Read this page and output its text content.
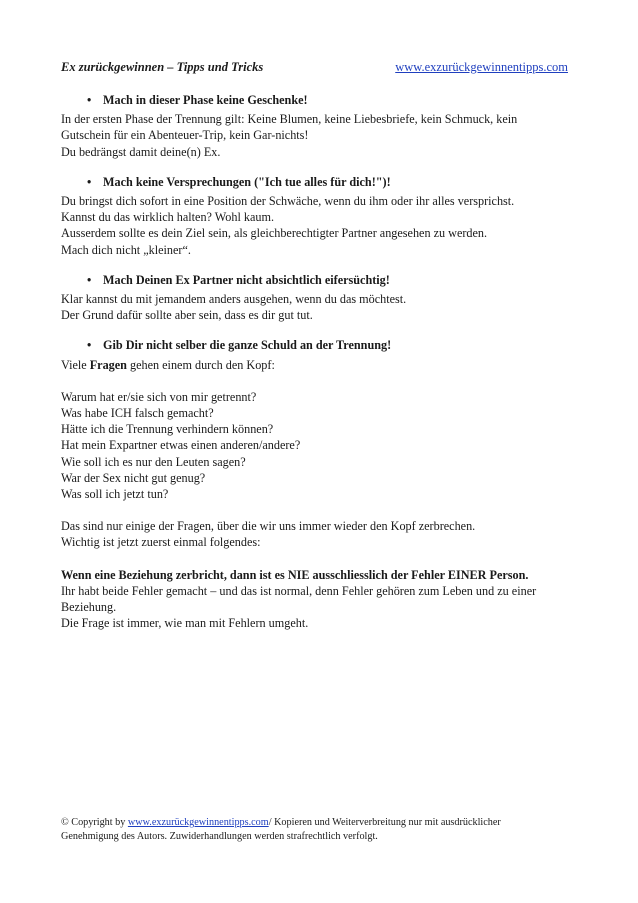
Ex zurückgewinnen – Tipps und Tricks	www.exzurückgewinnentipps.com
• Mach in dieser Phase keine Geschenke!

In der ersten Phase der Trennung gilt: Keine Blumen, keine Liebesbriefe, kein Schmuck, kein

Gutschein für ein Abenteuer-Trip, kein Gar-nichts!

Du bedrängst damit deine(n) Ex.

• Mach keine Versprechungen ("Ich tue alles für dich!")!

Du bringst dich sofort in eine Position der Schwäche, wenn du ihm oder ihr alles versprichst.

Kannst du das wirklich halten? Wohl kaum.

Ausserdem sollte es dein Ziel sein, als gleichberechtigter Partner angesehen zu werden.

Mach dich nicht „kleiner“.

• Mach Deinen Ex Partner nicht absichtlich eifersüchtig!

Klar kannst du mit jemandem anders ausgehen, wenn du das möchtest.

Der Grund dafür sollte aber sein, dass es dir gut tut.

• Gib Dir nicht selber die ganze Schuld an der Trennung!

Viele Fragen gehen einem durch den Kopf:

Warum hat er/sie sich von mir getrennt?

Was habe ICH falsch gemacht?

Hätte ich die Trennung verhindern können?

Hat mein Expartner etwas einen anderen/andere?

Wie soll ich es nur den Leuten sagen?

War der Sex nicht gut genug?

Was soll ich jetzt tun?

Das sind nur einige der Fragen, über die wir uns immer wieder den Kopf zerbrechen.

Wichtig ist jetzt zuerst einmal folgendes:

Wenn eine Beziehung zerbricht, dann ist es NIE ausschliesslich der Fehler EINER Person.

Ihr habt beide Fehler gemacht – und das ist normal, denn Fehler gehören zum Leben und zu einer

Beziehung.

Die Frage ist immer, wie man mit Fehlern umgeht.

© Copyright by www.exzurückgewinnentipps.com/ Kopieren und Weiterverbreitung nur mit ausdrücklicher
Genehmigung des Autors. Zuwiderhandlungen werden strafrechtlich verfolgt.
